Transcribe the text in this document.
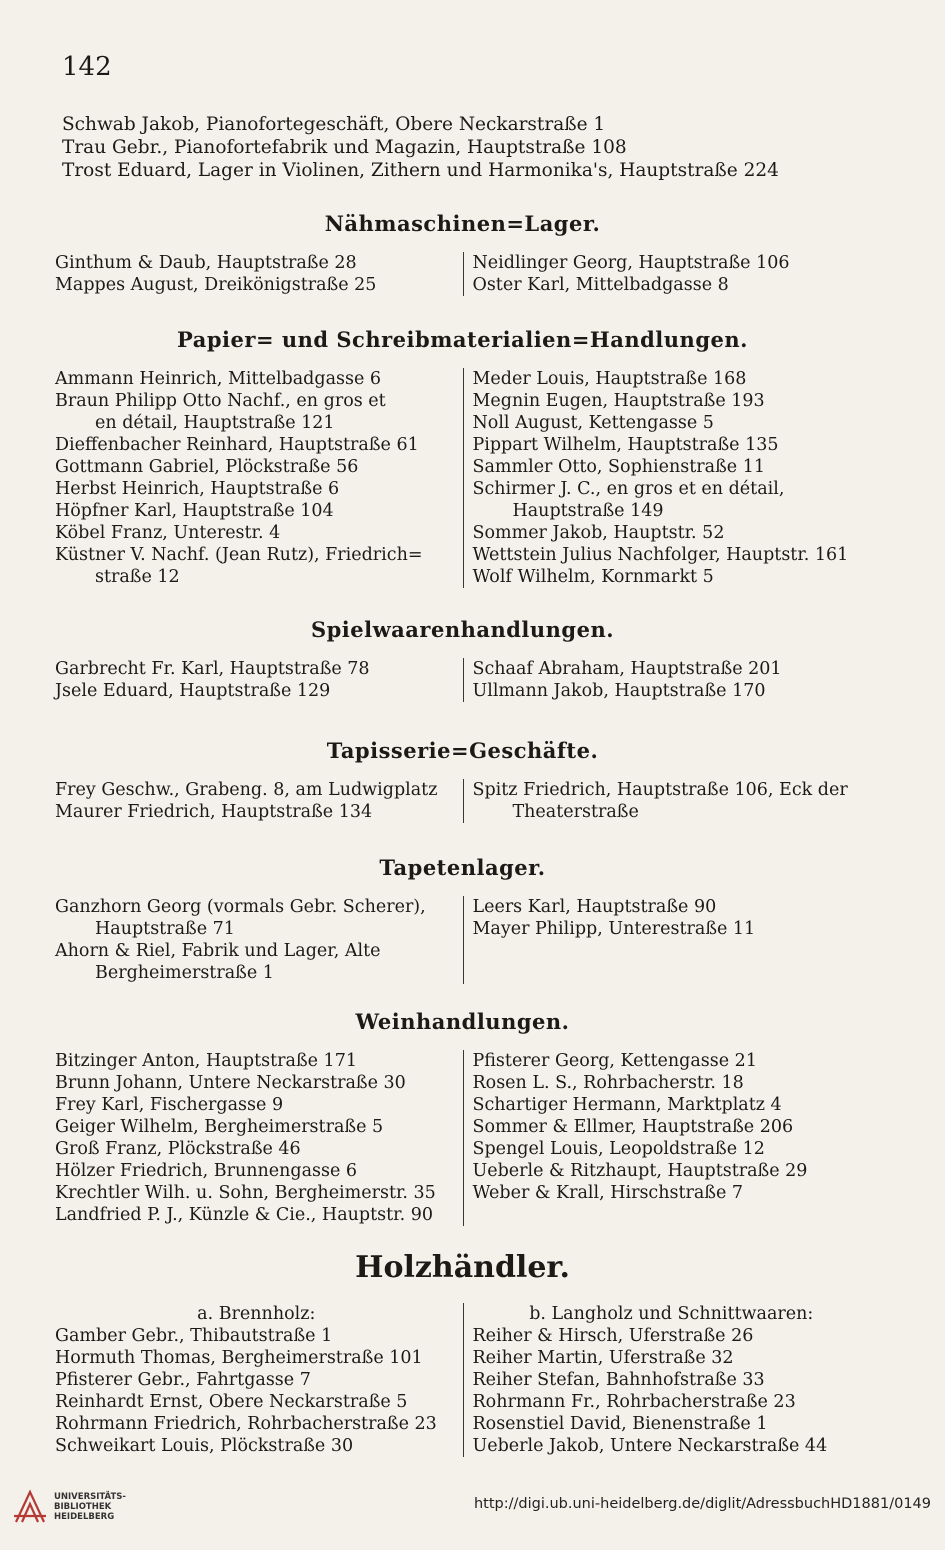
142
Schwab Jakob, Pianofortegeschäft, Obere Neckarstraße 1
Trau Gebr., Pianofortefabrik und Magazin, Hauptstraße 108
Trost Eduard, Lager in Violinen, Zithern und Harmonika's, Hauptstraße 224
Nähmaschinen=Lager.
Ginthum & Daub, Hauptstraße 28
Mappes August, Dreikönigstraße 25
Neidlinger Georg, Hauptstraße 106
Oster Karl, Mittelbadgasse 8
Papier= und Schreibmaterialien=Handlungen.
Ammann Heinrich, Mittelbadgasse 6
Braun Philipp Otto Nachf., en gros et
en détail, Hauptstraße 121
Dieffenbacher Reinhard, Hauptstraße 61
Gottmann Gabriel, Plöckstraße 56
Herbst Heinrich, Hauptstraße 6
Höpfner Karl, Hauptstraße 104
Köbel Franz, Unterestr. 4
Küstner V. Nachf. (Jean Rutz), Friedrich=
straße 12
Meder Louis, Hauptstraße 168
Megnin Eugen, Hauptstraße 193
Noll August, Kettengasse 5
Pippart Wilhelm, Hauptstraße 135
Sammler Otto, Sophienstraße 11
Schirmer J. C., en gros et en détail,
Hauptstraße 149
Sommer Jakob, Hauptstr. 52
Wettstein Julius Nachfolger, Hauptstr. 161
Wolf Wilhelm, Kornmarkt 5
Spielwaarenhandlungen.
Garbrecht Fr. Karl, Hauptstraße 78
Jsele Eduard, Hauptstraße 129
Schaaf Abraham, Hauptstraße 201
Ullmann Jakob, Hauptstraße 170
Tapisserie=Geschäfte.
Frey Geschw., Grabeng. 8, am Ludwigplatz
Maurer Friedrich, Hauptstraße 134
Spitz Friedrich, Hauptstraße 106, Eck der
Theaterstraße
Tapetenlager.
Ganzhorn Georg (vormals Gebr. Scherer),
Hauptstraße 71
Ahorn & Riel, Fabrik und Lager, Alte
Bergheimerstraße 1
Leers Karl, Hauptstraße 90
Mayer Philipp, Unterestraße 11
Weinhandlungen.
Bitzinger Anton, Hauptstraße 171
Brunn Johann, Untere Neckarstraße 30
Frey Karl, Fischergasse 9
Geiger Wilhelm, Bergheimerstraße 5
Groß Franz, Plöckstraße 46
Hölzer Friedrich, Brunnengasse 6
Krechtler Wilh. u. Sohn, Bergheimerstr. 35
Landfried P. J., Künzle & Cie., Hauptstr. 90
Pfisterer Georg, Kettengasse 21
Rosen L. S., Rohrbacherstr. 18
Schartiger Hermann, Marktplatz 4
Sommer & Ellmer, Hauptstraße 206
Spengel Louis, Leopoldstraße 12
Ueberle & Ritzhaupt, Hauptstraße 29
Weber & Krall, Hirschstraße 7
Holzhändler.
a. Brennholz:
Gamber Gebr., Thibautstraße 1
Hormuth Thomas, Bergheimerstraße 101
Pfisterer Gebr., Fahrtgasse 7
Reinhardt Ernst, Obere Neckarstraße 5
Rohrmann Friedrich, Rohrbacherstraße 23
Schweikart Louis, Plöckstraße 30
b. Langholz und Schnittwaaren:
Reiher & Hirsch, Uferstraße 26
Reiher Martin, Uferstraße 32
Reiher Stefan, Bahnhofstraße 33
Rohrmann Fr., Rohrbacherstraße 23
Rosenstiel David, Bienenstraße 1
Ueberle Jakob, Untere Neckarstraße 44
UNIVERSITÄTS-
BIBLIOTHEK
HEIDELBERG
http://digi.ub.uni-heidelberg.de/diglit/AdressbuchHD1881/0149
